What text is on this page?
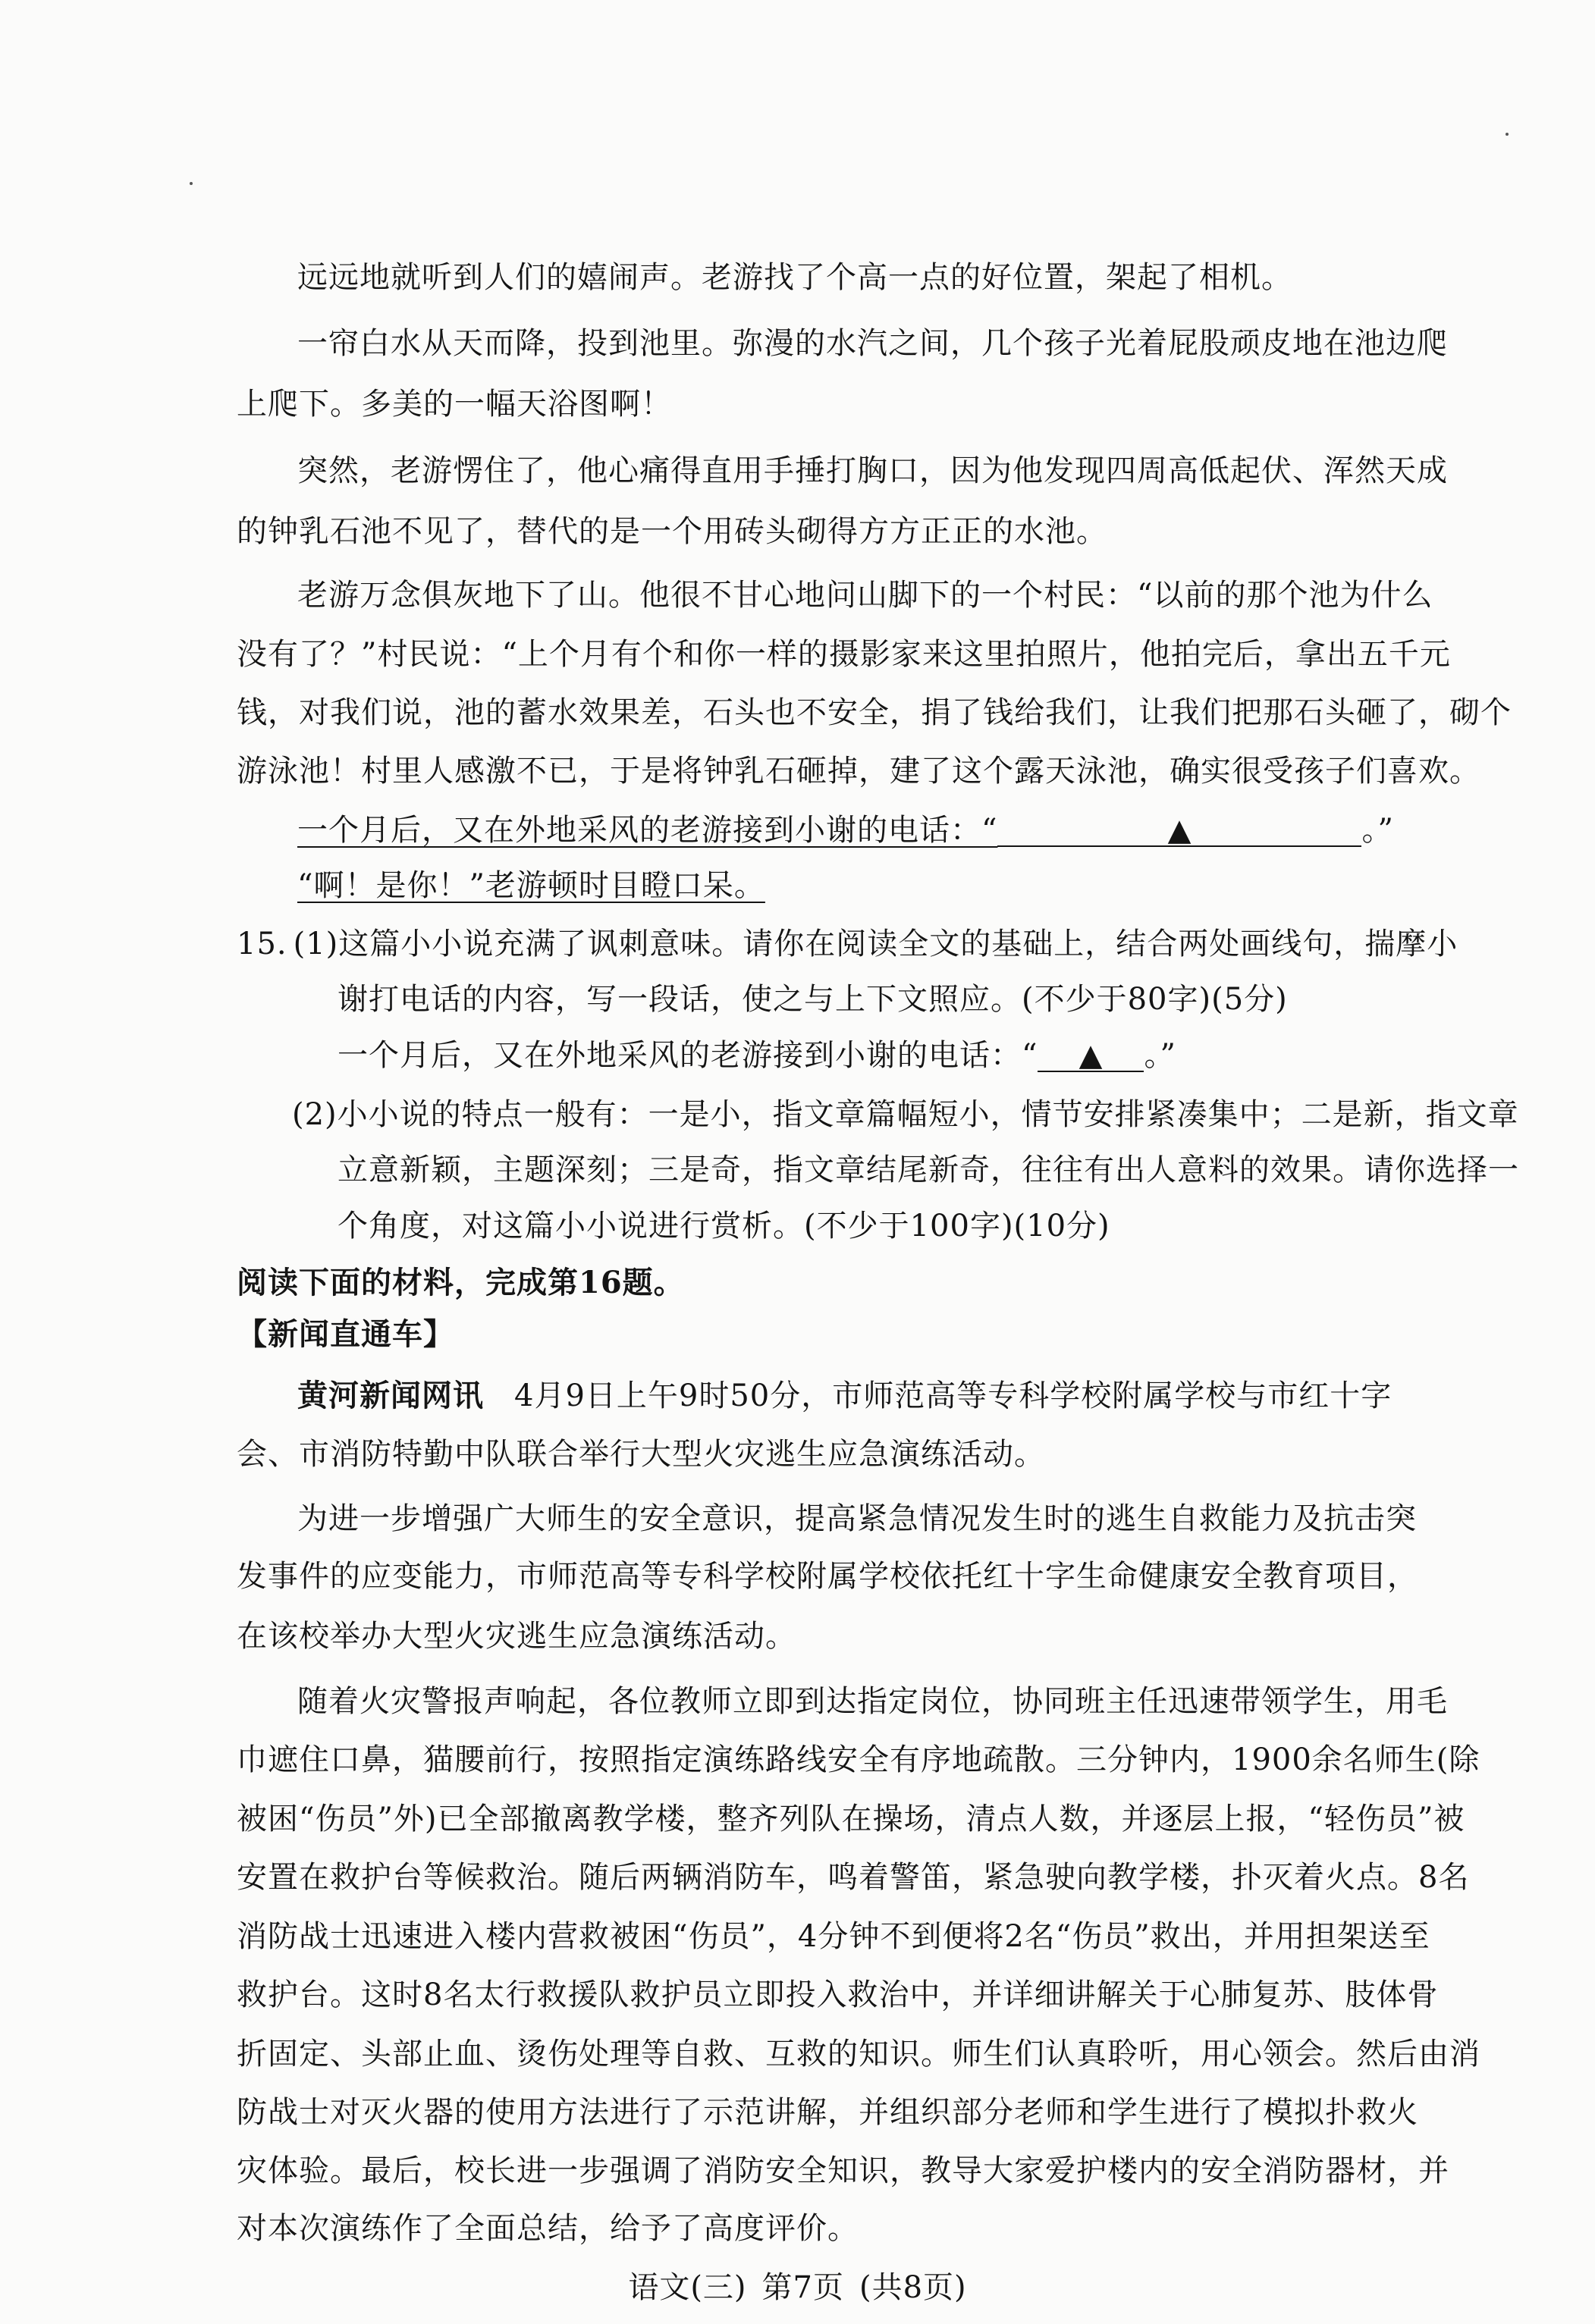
远远地就听到人们的嬉闹声。老游找了个高一点的好位置，架起了相机。
一帘白水从天而降，投到池里。弥漫的水汽之间，几个孩子光着屁股顽皮地在池边爬
上爬下。多美的一幅天浴图啊！
突然，老游愣住了，他心痛得直用手捶打胸口，因为他发现四周高低起伏、浑然天成
的钟乳石池不见了，替代的是一个用砖头砌得方方正正的水池。
老游万念俱灰地下了山。他很不甘心地问山脚下的一个村民：“以前的那个池为什么
没有了？”村民说：“上个月有个和你一样的摄影家来这里拍照片，他拍完后，拿出五千元
钱，对我们说，池的蓄水效果差，石头也不安全，捐了钱给我们，让我们把那石头砸了，砌个
游泳池！村里人感激不已，于是将钟乳石砸掉，建了这个露天泳池，确实很受孩子们喜欢。
一个月后，又在外地采风的老游接到小谢的电话：“	▲	。”
“啊！是你！”老游顿时目瞪口呆。
15. (1)这篇小小说充满了讽刺意味。请你在阅读全文的基础上，结合两处画线句，揣摩小
谢打电话的内容，写一段话，使之与上下文照应。(不少于80字)(5分)
一个月后，又在外地采风的老游接到小谢的电话：“ ▲ 。”
(2)小小说的特点一般有：一是小，指文章篇幅短小，情节安排紧凑集中；二是新，指文章
立意新颖，主题深刻；三是奇，指文章结尾新奇，往往有出人意料的效果。请你选择一
个角度，对这篇小小说进行赏析。(不少于100字)(10分)
阅读下面的材料，完成第16题。
【新闻直通车】
黄河新闻网讯 4月9日上午9时50分，市师范高等专科学校附属学校与市红十字
会、市消防特勤中队联合举行大型火灾逃生应急演练活动。
为进一步增强广大师生的安全意识，提高紧急情况发生时的逃生自救能力及抗击突
发事件的应变能力，市师范高等专科学校附属学校依托红十字生命健康安全教育项目，
在该校举办大型火灾逃生应急演练活动。
随着火灾警报声响起，各位教师立即到达指定岗位，协同班主任迅速带领学生，用毛
巾遮住口鼻，猫腰前行，按照指定演练路线安全有序地疏散。三分钟内，1900余名师生(除
被困“伤员”外)已全部撤离教学楼，整齐列队在操场，清点人数，并逐层上报，“轻伤员”被
安置在救护台等候救治。随后两辆消防车，鸣着警笛，紧急驶向教学楼，扑灭着火点。8名
消防战士迅速进入楼内营救被困“伤员”，4分钟不到便将2名“伤员”救出，并用担架送至
救护台。这时8名太行救援队救护员立即投入救治中，并详细讲解关于心肺复苏、肢体骨
折固定、头部止血、烫伤处理等自救、互救的知识。师生们认真聆听，用心领会。然后由消
防战士对灭火器的使用方法进行了示范讲解，并组织部分老师和学生进行了模拟扑救火
灾体验。最后，校长进一步强调了消防安全知识，教导大家爱护楼内的安全消防器材，并
对本次演练作了全面总结，给予了高度评价。
语文(三) 第7页 (共8页)
